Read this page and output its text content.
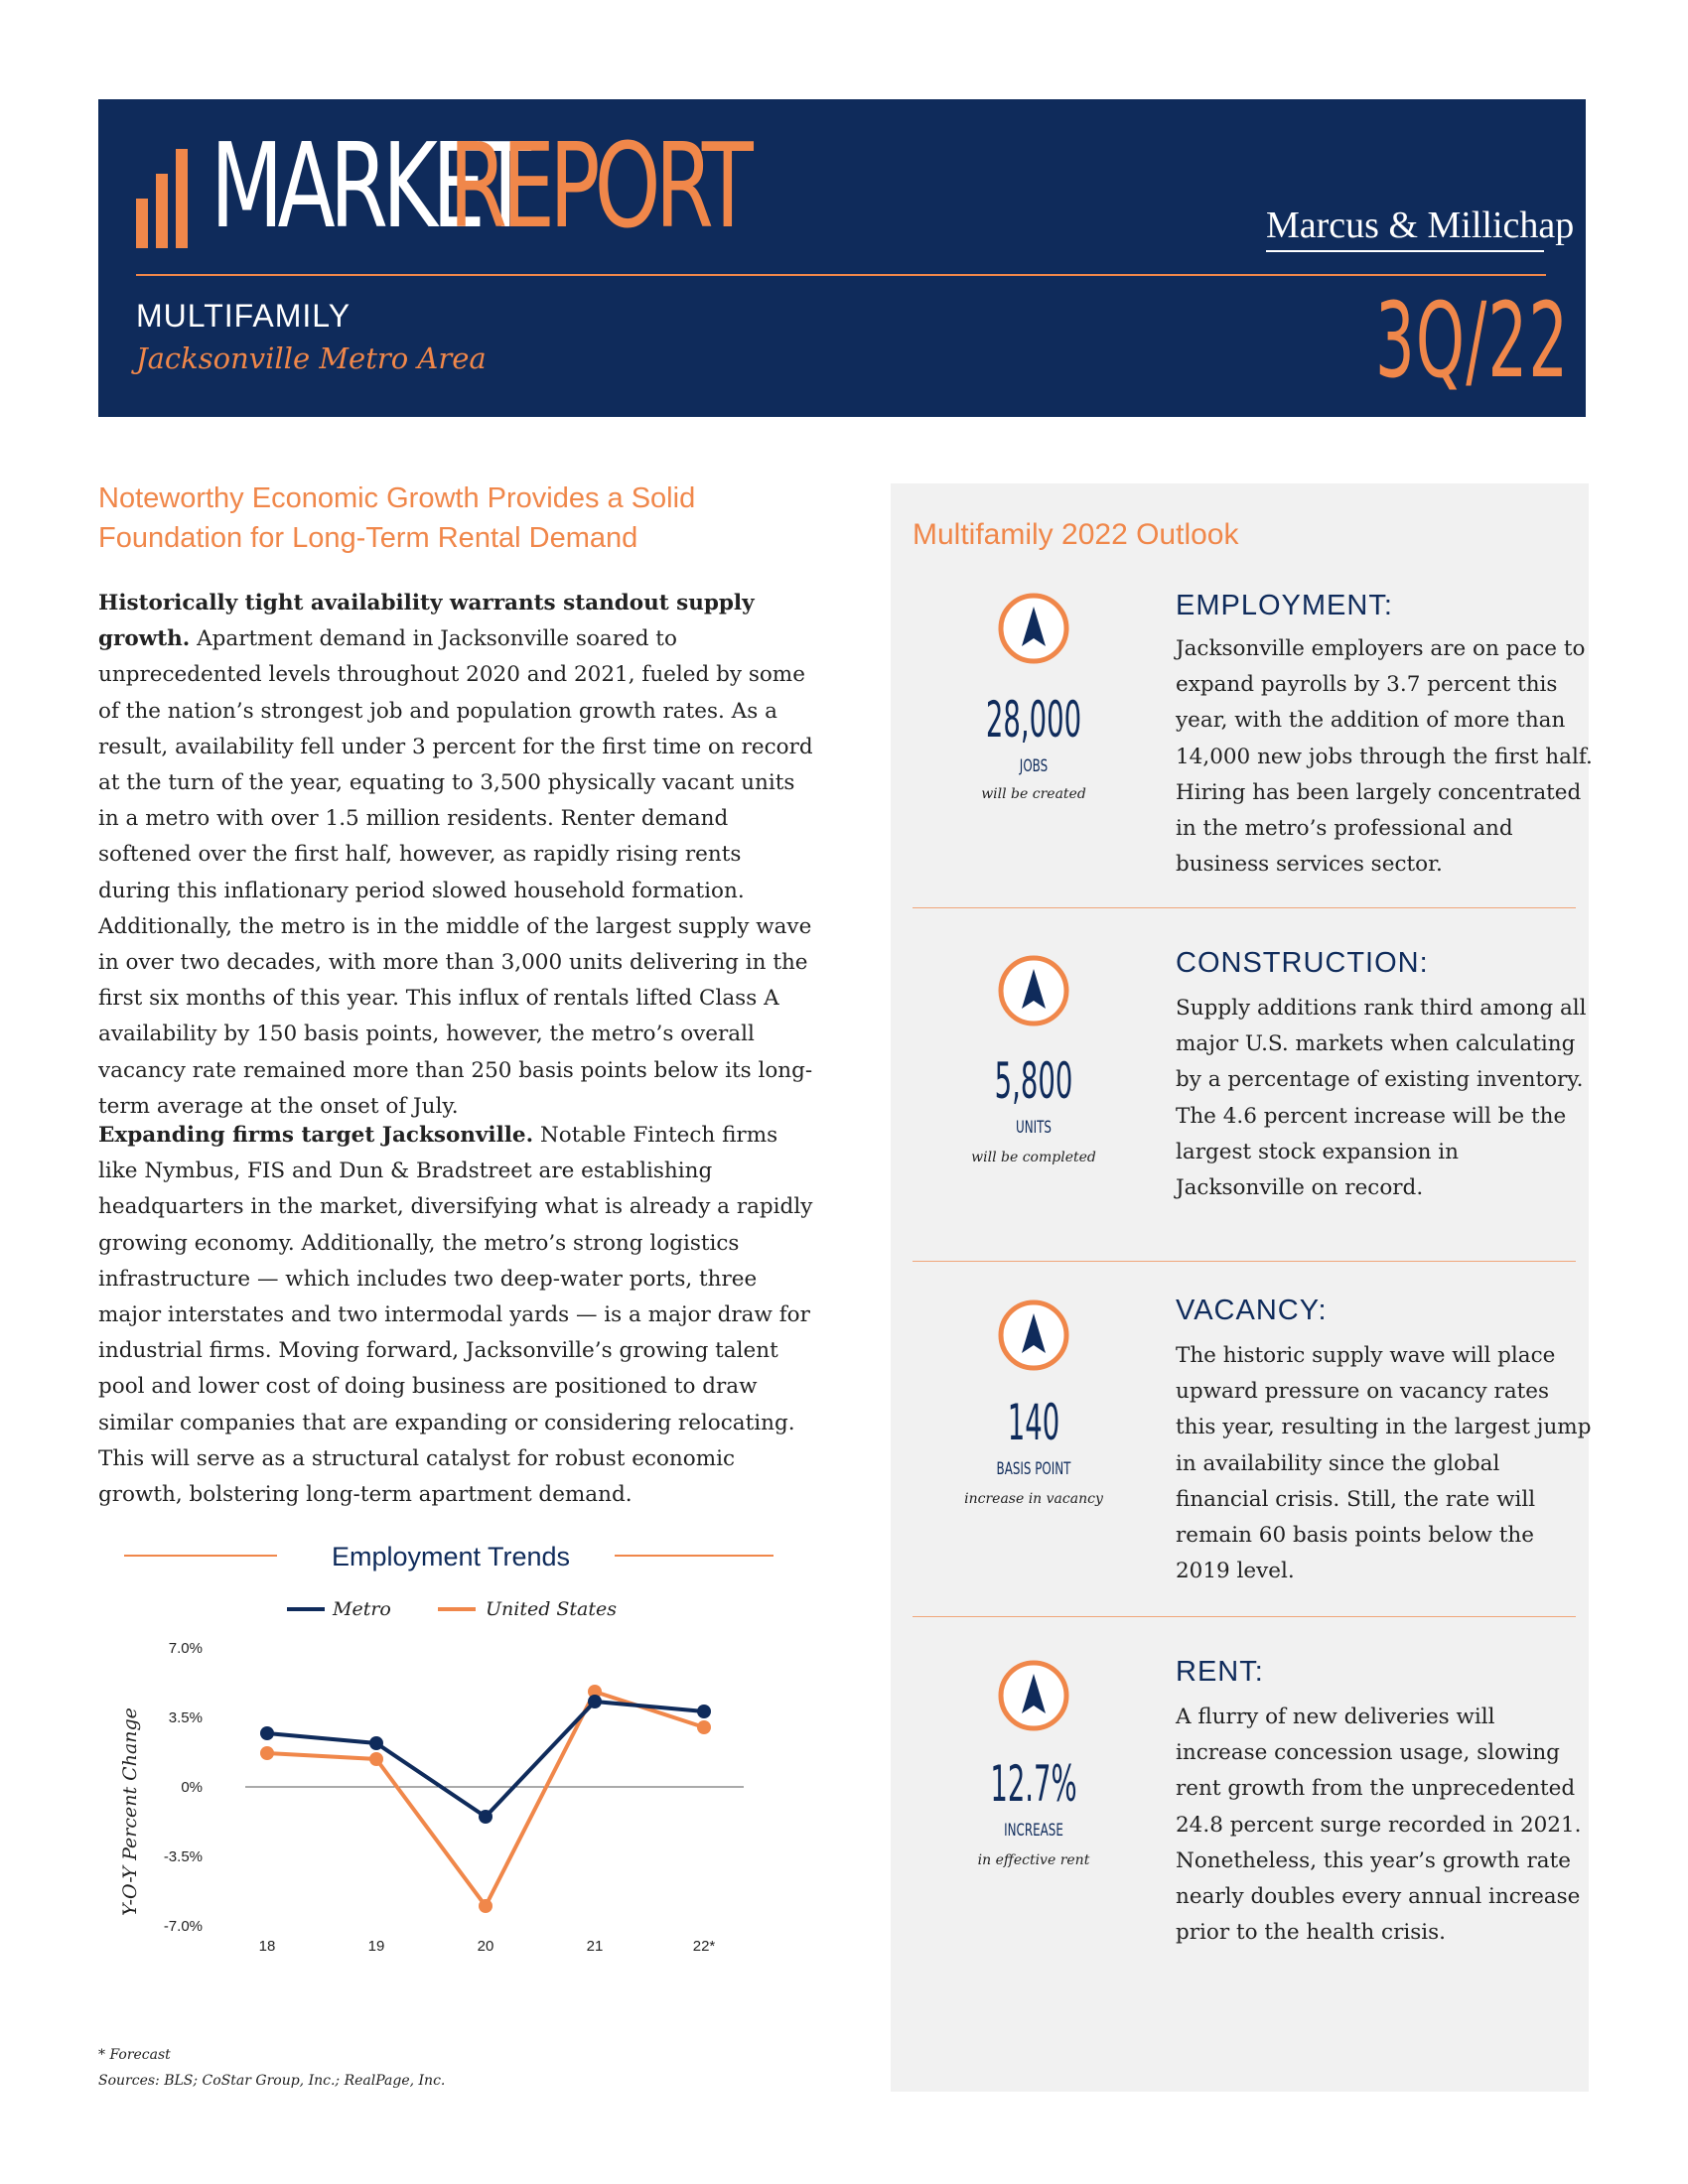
MARKET
REPORT	Marcus & Millichap
MULTIFAMILY
Jacksonville Metro Area	3Q/22
Noteworthy Economic Growth Provides a Solid Foundation for Long-Term Rental Demand
Historically tight availability warrants standout supply growth. Apartment demand in Jacksonville soared to unprecedented levels throughout 2020 and 2021, fueled by some of the nation’s strongest job and population growth rates. As a result, availability fell under 3 percent for the first time on record at the turn of the year, equating to 3,500 physically vacant units in a metro with over 1.5 million residents. Renter demand softened over the first half, however, as rapidly rising rents during this inflationary period slowed household formation. Additionally, the metro is in the middle of the largest supply wave in over two decades, with more than 3,000 units delivering in the first six months of this year. This influx of rentals lifted Class A availability by 150 basis points, however, the metro’s overall vacancy rate remained more than 250 basis points below its long-term average at the onset of July.
Expanding firms target Jacksonville. Notable Fintech firms like Nymbus, FIS and Dun & Bradstreet are establishing headquarters in the market, diversifying what is already a rapidly growing economy. Additionally, the metro’s strong logistics infrastructure — which includes two deep-water ports, three major interstates and two intermodal yards — is a major draw for industrial firms. Moving forward, Jacksonville’s growing talent pool and lower cost of doing business are positioned to draw similar companies that are expanding or considering relocating. This will serve as a structural catalyst for robust economic growth, bolstering long-term apartment demand.
Employment Trends
Metro	United States
Y-O-Y Percent Change
7.0%
3.5%
0%
-3.5%
-7.0%
18	19	20	21	22*
* Forecast
Sources: BLS; CoStar Group, Inc.; RealPage, Inc.
Multifamily 2022 Outlook
28,000
JOBS
will be created
EMPLOYMENT:
Jacksonville employers are on pace to expand payrolls by 3.7 percent this year, with the addition of more than 14,000 new jobs through the first half. Hiring has been largely concentrated in the metro’s professional and business services sector.
5,800
UNITS
will be completed
CONSTRUCTION:
Supply additions rank third among all major U.S. markets when calculating by a percentage of existing inventory. The 4.6 percent increase will be the largest stock expansion in Jacksonville on record.
140
BASIS POINT
increase in vacancy
VACANCY:
The historic supply wave will place upward pressure on vacancy rates this year, resulting in the largest jump in availability since the global financial crisis. Still, the rate will remain 60 basis points below the 2019 level.
12.7%
INCREASE
in effective rent
RENT:
A flurry of new deliveries will increase concession usage, slowing rent growth from the unprecedented 24.8 percent surge recorded in 2021. Nonetheless, this year’s growth rate nearly doubles every annual increase prior to the health crisis.
